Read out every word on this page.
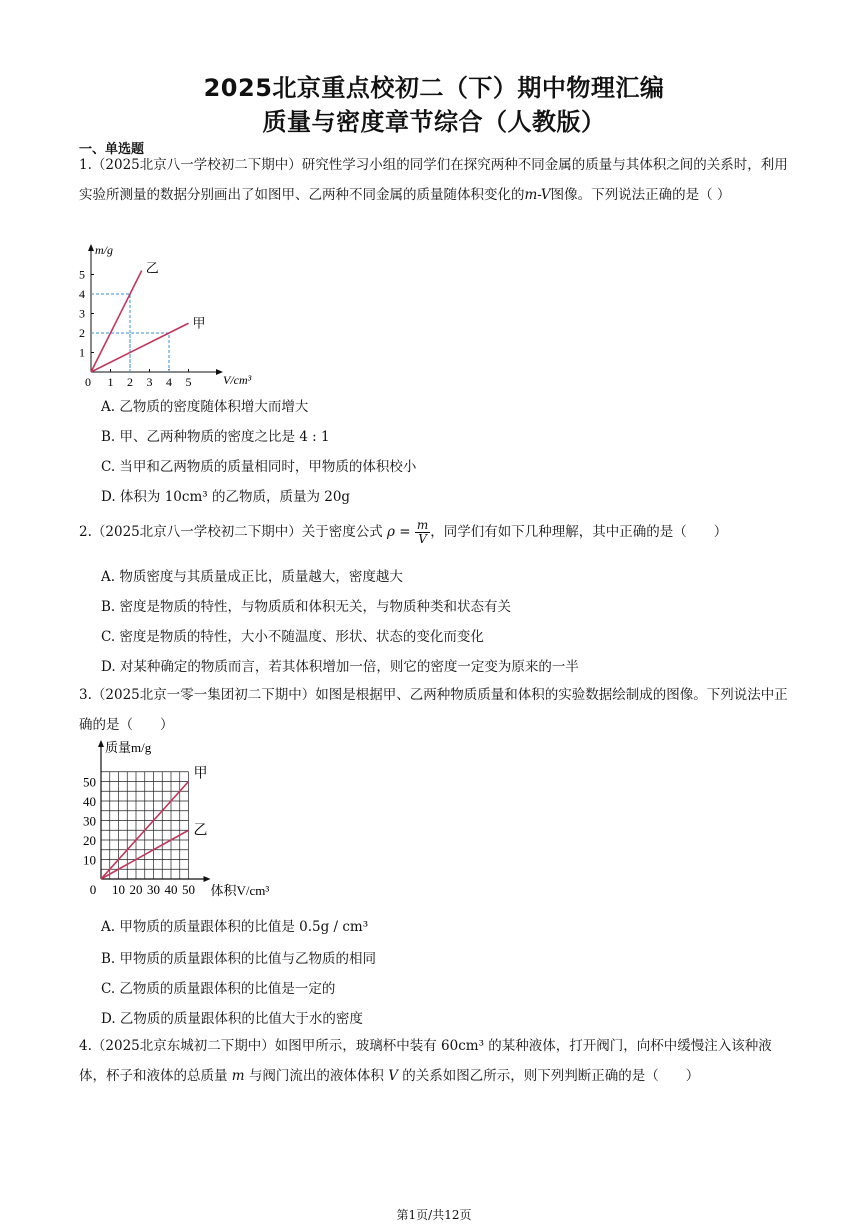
2025北京重点校初二（下）期中物理汇编
质量与密度章节综合（人教版）
一、单选题
1.（2025北京八一学校初二下期中）研究性学习小组的同学们在探究两种不同金属的质量与其体积之间的关系时，利用实验所测量的数据分别画出了如图甲、乙两种不同金属的质量随体积变化的m-V图像。下列说法正确的是（ ）
0 1 2 3 4 5
1
2
3
4
5
m/g
V/cm³
乙
甲
A. 乙物质的密度随体积增大而增大
B. 甲、乙两种物质的密度之比是 4 : 1
C. 当甲和乙两物质的质量相同时，甲物质的体积校小
D. 体积为 10cm³ 的乙物质，质量为 20g
2.（2025北京八一学校初二下期中）关于密度公式 $\rho = \frac{m}{V}$ ，同学们有如下几种理解，其中正确的是（　　）
A. 物质密度与其质量成正比，质量越大，密度越大
B. 密度是物质的特性，与物质质和体积无关，与物质种类和状态有关
C. 密度是物质的特性，大小不随温度、形状、状态的变化而变化
D. 对某种确定的物质而言，若其体积增加一倍，则它的密度一定变为原来的一半
3.（2025北京一零一集团初二下期中）如图是根据甲、乙两种物质质量和体积的实验数据绘制成的图像。下列说法中正确的是（　　）
0 10 20 30 40 50
10
20
30
40
50
质量m/g
体积V/cm³
甲
乙
A. 甲物质的质量跟体积的比值是 0.5g / cm³
B. 甲物质的质量跟体积的比值与乙物质的相同
C. 乙物质的质量跟体积的比值是一定的
D. 乙物质的质量跟体积的比值大于水的密度
4.（2025北京东城初二下期中）如图甲所示，玻璃杯中装有 60cm³ 的某种液体，打开阀门，向杯中缓慢注入该种液体，杯子和液体的总质量 m 与阀门流出的液体体积 V 的关系如图乙所示，则下列判断正确的是（　　）
第1页/共12页
